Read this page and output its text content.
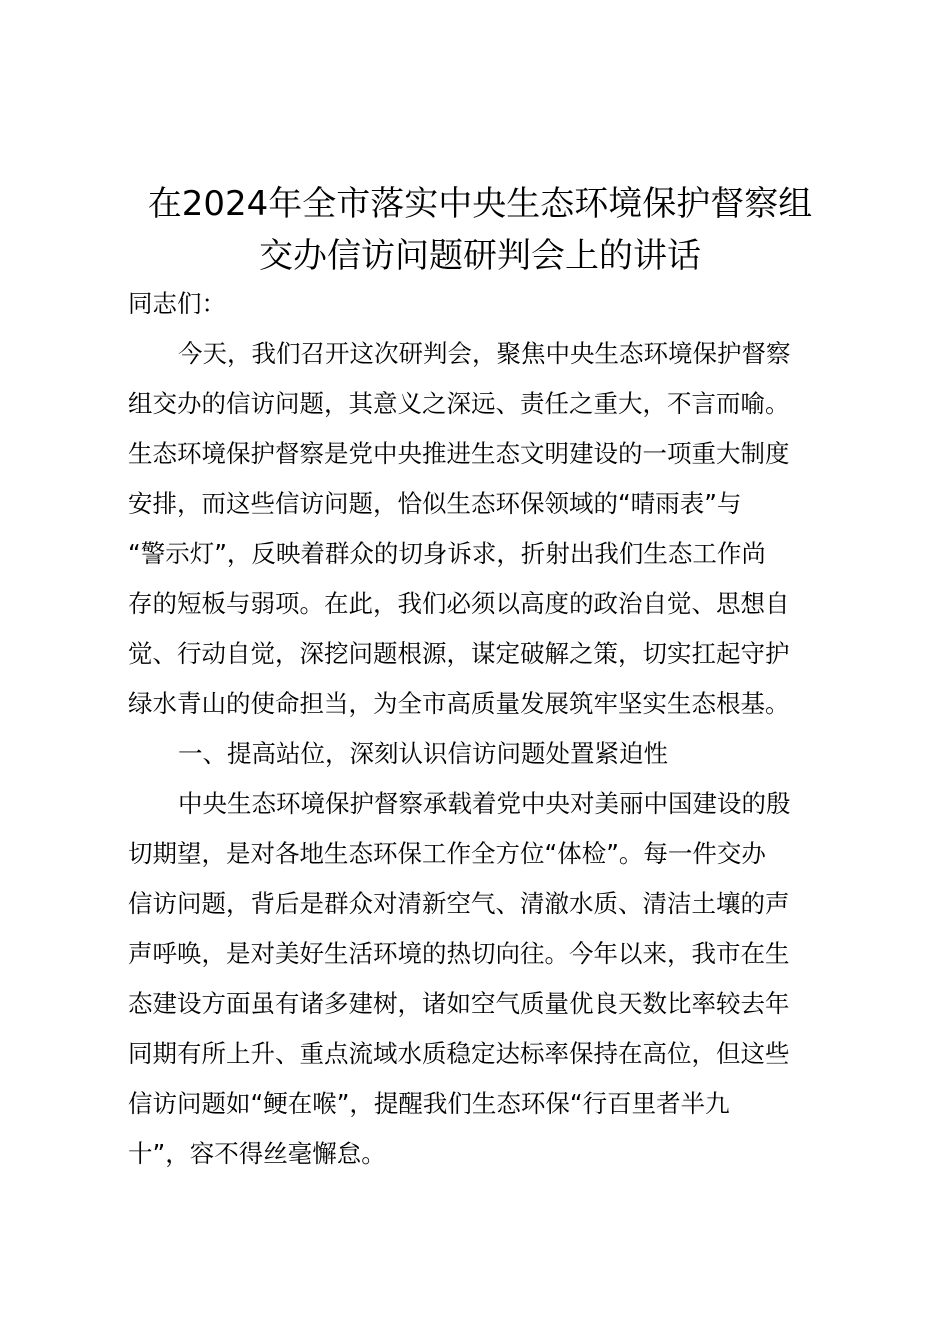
在2024年全市落实中央生态环境保护督察组
交办信访问题研判会上的讲话
同志们：
今天，我们召开这次研判会，聚焦中央生态环境保护督察
组交办的信访问题，其意义之深远、责任之重大，不言而喻。
生态环境保护督察是党中央推进生态文明建设的一项重大制度
安排，而这些信访问题，恰似生态环保领域的“晴雨表”与
“警示灯”，反映着群众的切身诉求，折射出我们生态工作尚
存的短板与弱项。在此，我们必须以高度的政治自觉、思想自
觉、行动自觉，深挖问题根源，谋定破解之策，切实扛起守护
绿水青山的使命担当，为全市高质量发展筑牢坚实生态根基。
一、提高站位，深刻认识信访问题处置紧迫性
中央生态环境保护督察承载着党中央对美丽中国建设的殷
切期望，是对各地生态环保工作全方位“体检”。每一件交办
信访问题，背后是群众对清新空气、清澈水质、清洁土壤的声
声呼唤，是对美好生活环境的热切向往。今年以来，我市在生
态建设方面虽有诸多建树，诸如空气质量优良天数比率较去年
同期有所上升、重点流域水质稳定达标率保持在高位，但这些
信访问题如“鲠在喉”，提醒我们生态环保“行百里者半九
十”，容不得丝毫懈怠。
